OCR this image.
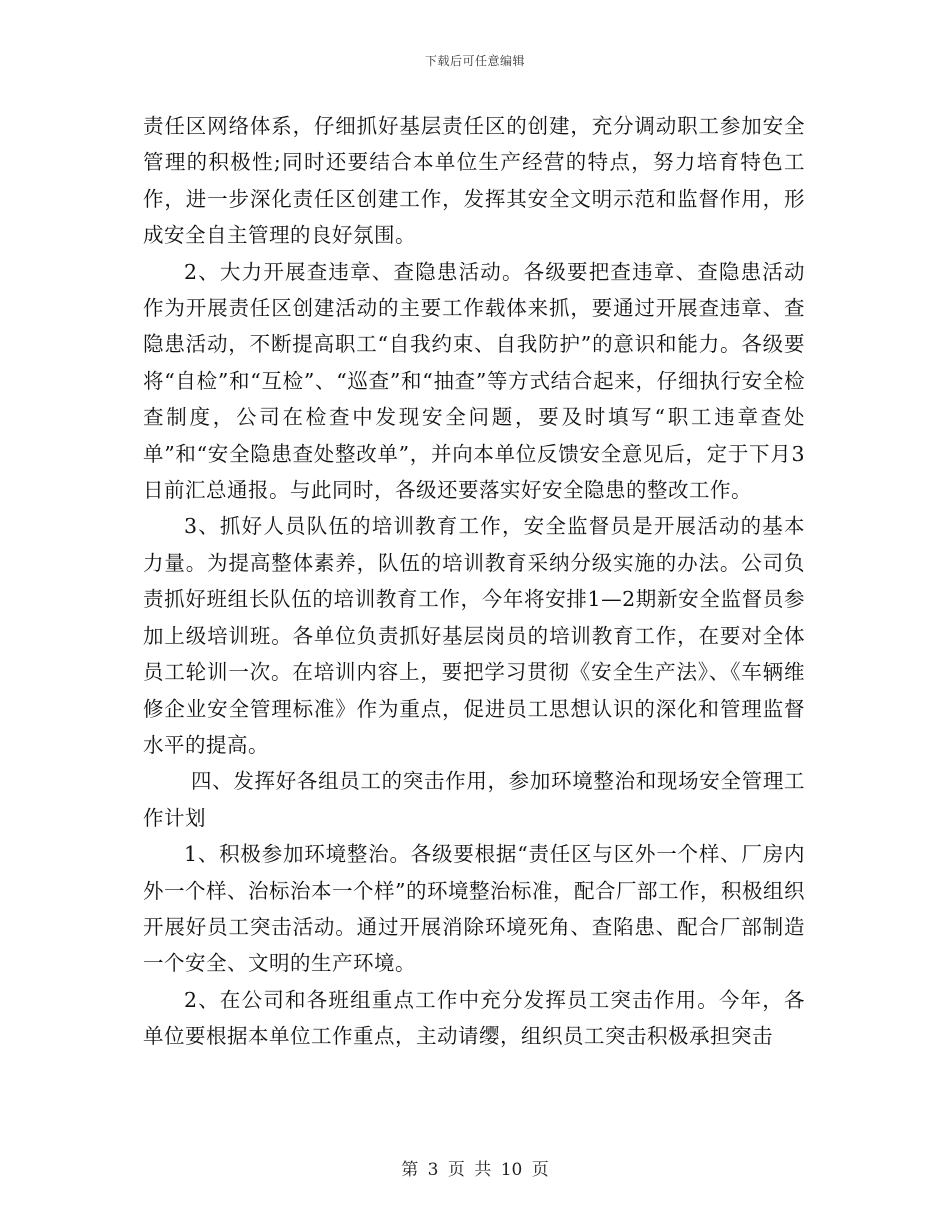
下载后可任意编辑

责任区网络体系，仔细抓好基层责任区的创建，充分调动职工参加安全管理的积极性;同时还要结合本单位生产经营的特点，努力培育特色工作，进一步深化责任区创建工作，发挥其安全文明示范和监督作用，形成安全自主管理的良好氛围。

2、大力开展查违章、查隐患活动。各级要把查违章、查隐患活动作为开展责任区创建活动的主要工作载体来抓，要通过开展查违章、查隐患活动，不断提高职工“自我约束、自我防护”的意识和能力。各级要将“自检”和“互检”、“巡查”和“抽查”等方式结合起来，仔细执行安全检查制度，公司在检查中发现安全问题，要及时填写“职工违章查处单”和“安全隐患查处整改单”，并向本单位反馈安全意见后，定于下月3日前汇总通报。与此同时，各级还要落实好安全隐患的整改工作。

3、抓好人员队伍的培训教育工作，安全监督员是开展活动的基本力量。为提高整体素养，队伍的培训教育采纳分级实施的办法。公司负责抓好班组长队伍的培训教育工作，今年将安排1—2期新安全监督员参加上级培训班。各单位负责抓好基层岗员的培训教育工作，在要对全体员工轮训一次。在培训内容上，要把学习贯彻《安全生产法》、《车辆维修企业安全管理标准》作为重点，促进员工思想认识的深化和管理监督水平的提高。

四、发挥好各组员工的突击作用，参加环境整治和现场安全管理工作计划

1、积极参加环境整治。各级要根据“责任区与区外一个样、厂房内外一个样、治标治本一个样”的环境整治标准，配合厂部工作，积极组织开展好员工突击活动。通过开展消除环境死角、查陷患、配合厂部制造一个安全、文明的生产环境。

2、在公司和各班组重点工作中充分发挥员工突击作用。今年，各单位要根据本单位工作重点，主动请缨，组织员工突击积极承担突击

第 3 页 共 10 页
